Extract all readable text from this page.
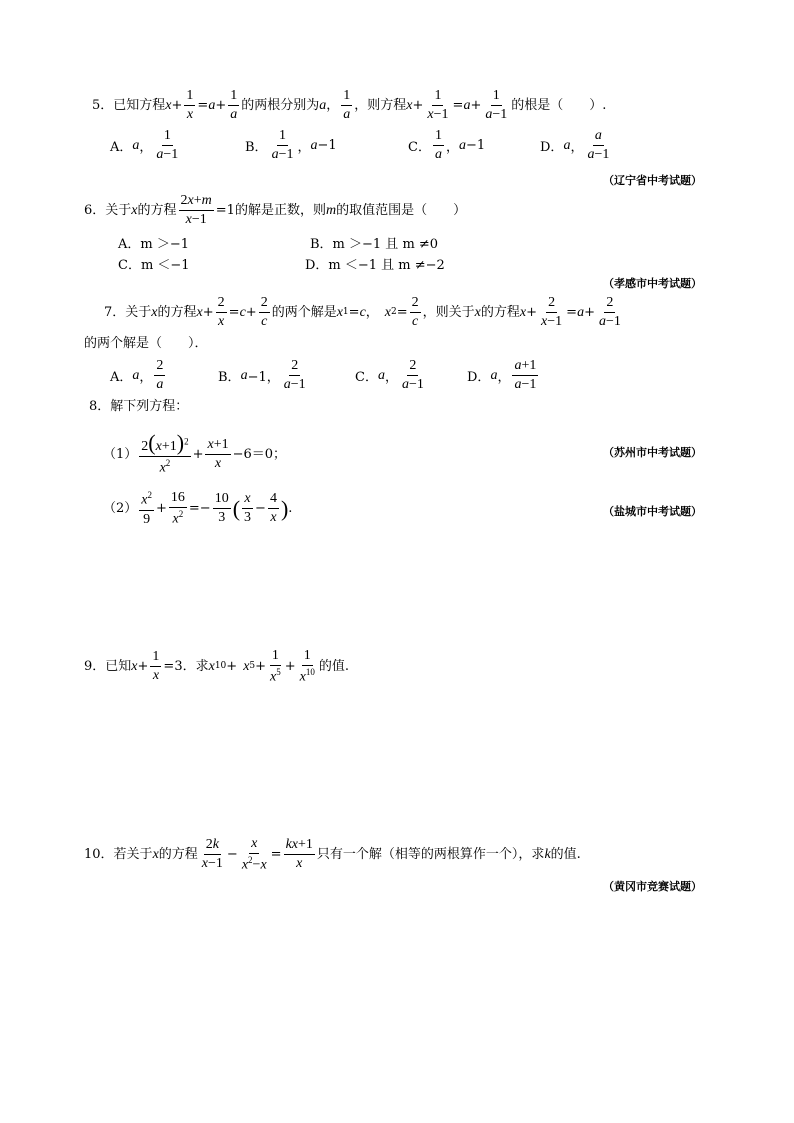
5． 已知方程 $x + \frac{1}{x} = a + \frac{1}{a}$ 的两根分别为 a ， $\frac{1}{a}$ ，则方程 $x + \frac{1}{x-1} = a + \frac{1}{a-1}$ 的根是（　　）.
A． a ， $\frac{1}{a-1}$	B． $\frac{1}{a-1}$ ， a −1	C． $\frac{1}{a}$ ， a −1	D． a ， $\frac{a}{a-1}$
（辽宁省中考试题）
6． 关于 x 的方程 $\frac{2x+m}{x-1} =1$ 的解是正数，则 m 的取值范围是（　　）
A．m ＞−1	B．m ＞−1 且 m ≠0
C．m ＜−1	D．m ＜−1 且 m ≠−2
（孝感市中考试题）
7． 关于 x 的方程 $x + \frac{2}{x} = c + \frac{2}{c}$ 的两个解是 x 1 = c ， x $2 = \frac{2}{c}$ ，则关于 x 的方程 $x + \frac{2}{x-1} = a + \frac{2}{a-1}$
的两个解是（　　）．
A． a ， $\frac{2}{a}$	B． a −1， $\frac{2}{a-1}$	C． a ， $\frac{2}{a-1}$	D． a ， $\frac{a+1}{a-1}$
8．解下列方程：
$(1) \frac{2(x+1)^2}{x^2} + \frac{x+1}{x} -6=0$；	（苏州市中考试题）
$(2) \frac{x^2}{9} + \frac{16}{x^2} =- \frac{10}{3}$ ( $\frac{x}{3} - \frac{4}{x}$ ) .	（盐城市中考试题）
9． 已知 $x + \frac{1}{x} =3$ ．求 x 10 + x $5 + \frac{1}{x^5} + \frac{1}{x^{10}}$ 的值.
10． 若关于 x 的方程 $\frac{2k}{x-1} - \frac{x}{x^2-x} = \frac{kx+1}{x}$ 只有一个解（相等的两根算作一个），求 k 的值.
（黄冈市竞赛试题）
